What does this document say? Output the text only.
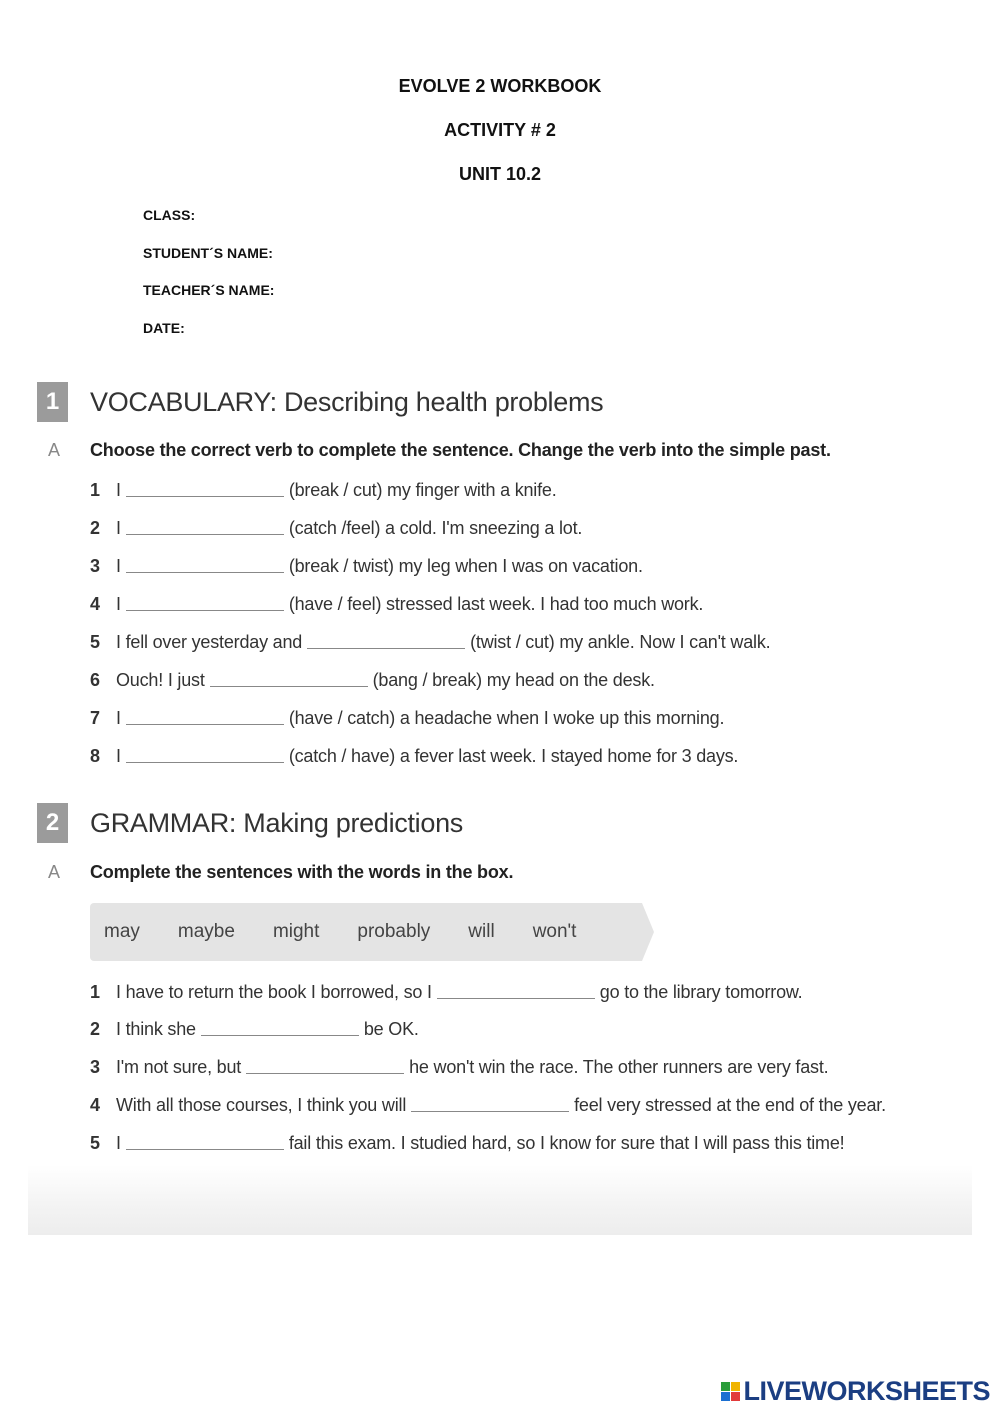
EVOLVE 2 WORKBOOK
ACTIVITY # 2
UNIT 10.2
CLASS:
STUDENT´S NAME:
TEACHER´S NAME:
DATE:
1	VOCABULARY: Describing health problems
A Choose the correct verb to complete the sentence. Change the verb into the simple past.
1 I	(break / cut) my finger with a knife.
2 I	(catch /feel) a cold. I'm sneezing a lot.
3 I	(break / twist) my leg when I was on vacation.
4 I	(have / feel) stressed last week. I had too much work.
5 I fell over yesterday and	(twist / cut) my ankle. Now I can't walk.
6 Ouch! I just	(bang / break) my head on the desk.
7 I	(have / catch) a headache when I woke up this morning.
8 I	(catch / have) a fever last week. I stayed home for 3 days.
2	GRAMMAR: Making predictions
A Complete the sentences with the words in the box.
may maybe might probably will won't
1 I have to return the book I borrowed, so I	go to the library tomorrow.
2 I think she	be OK.
3 I'm not sure, but	he won't win the race. The other runners are very fast.
4 With all those courses, I think you will	feel very stressed at the end of the year.
5 I	fail this exam. I studied hard, so I know for sure that I will pass this time!
LIVEWORKSHEETS
